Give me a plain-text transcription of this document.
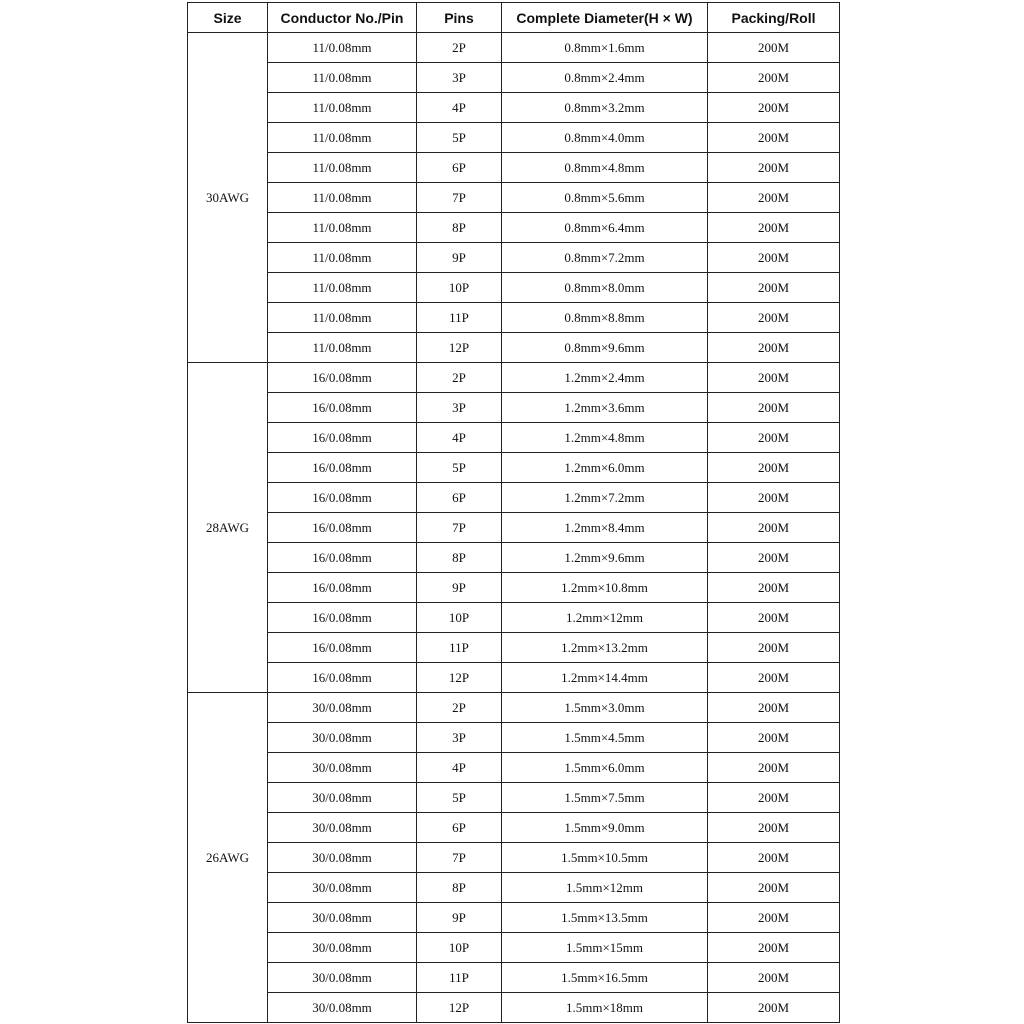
Size	Conductor No./Pin	Pins	Complete Diameter(H × W)	Packing/Roll
30AWG	11/0.08mm	2P	0.8mm×1.6mm	200M
	11/0.08mm	3P	0.8mm×2.4mm	200M
	11/0.08mm	4P	0.8mm×3.2mm	200M
	11/0.08mm	5P	0.8mm×4.0mm	200M
	11/0.08mm	6P	0.8mm×4.8mm	200M
	11/0.08mm	7P	0.8mm×5.6mm	200M
	11/0.08mm	8P	0.8mm×6.4mm	200M
	11/0.08mm	9P	0.8mm×7.2mm	200M
	11/0.08mm	10P	0.8mm×8.0mm	200M
	11/0.08mm	11P	0.8mm×8.8mm	200M
	11/0.08mm	12P	0.8mm×9.6mm	200M
28AWG	16/0.08mm	2P	1.2mm×2.4mm	200M
	16/0.08mm	3P	1.2mm×3.6mm	200M
	16/0.08mm	4P	1.2mm×4.8mm	200M
	16/0.08mm	5P	1.2mm×6.0mm	200M
	16/0.08mm	6P	1.2mm×7.2mm	200M
	16/0.08mm	7P	1.2mm×8.4mm	200M
	16/0.08mm	8P	1.2mm×9.6mm	200M
	16/0.08mm	9P	1.2mm×10.8mm	200M
	16/0.08mm	10P	1.2mm×12mm	200M
	16/0.08mm	11P	1.2mm×13.2mm	200M
	16/0.08mm	12P	1.2mm×14.4mm	200M
26AWG	30/0.08mm	2P	1.5mm×3.0mm	200M
	30/0.08mm	3P	1.5mm×4.5mm	200M
	30/0.08mm	4P	1.5mm×6.0mm	200M
	30/0.08mm	5P	1.5mm×7.5mm	200M
	30/0.08mm	6P	1.5mm×9.0mm	200M
	30/0.08mm	7P	1.5mm×10.5mm	200M
	30/0.08mm	8P	1.5mm×12mm	200M
	30/0.08mm	9P	1.5mm×13.5mm	200M
	30/0.08mm	10P	1.5mm×15mm	200M
	30/0.08mm	11P	1.5mm×16.5mm	200M
	30/0.08mm	12P	1.5mm×18mm	200M
